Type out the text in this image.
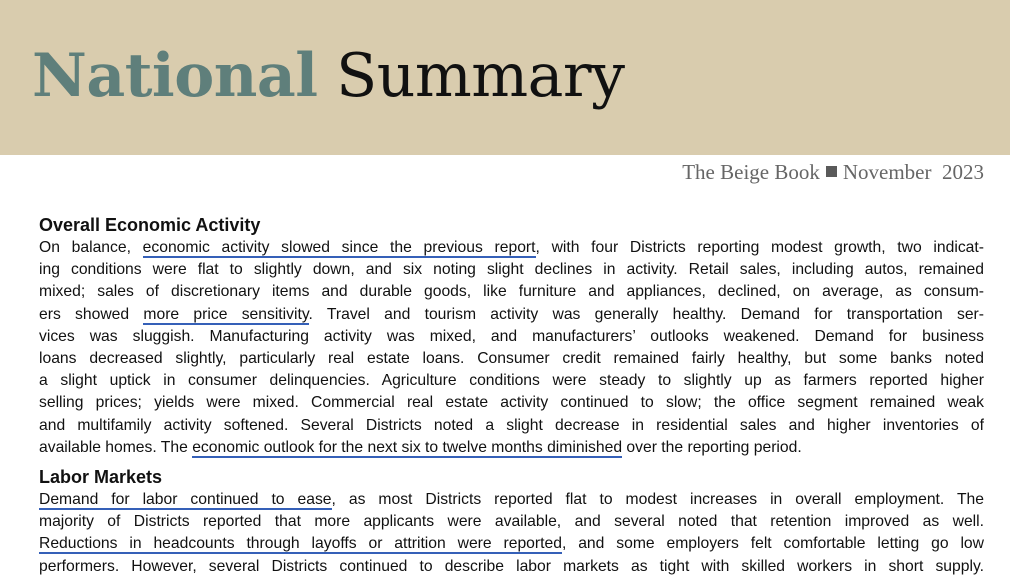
National Summary
The Beige Book November  2023
Overall Economic Activity

On balance, economic activity slowed since the previous report, with four Districts reporting modest growth, two indicat-
ing conditions were flat to slightly down, and six noting slight declines in activity. Retail sales, including autos, remained
mixed; sales of discretionary items and durable goods, like furniture and appliances, declined, on average, as consum-
ers showed more price sensitivity. Travel and tourism activity was generally healthy. Demand for transportation ser-
vices was sluggish. Manufacturing activity was mixed, and manufacturers’ outlooks weakened. Demand for business
loans decreased slightly, particularly real estate loans. Consumer credit remained fairly healthy, but some banks noted
a slight uptick in consumer delinquencies. Agriculture conditions were steady to slightly up as farmers reported higher
selling prices; yields were mixed. Commercial real estate activity continued to slow; the office segment remained weak
and multifamily activity softened. Several Districts noted a slight decrease in residential sales and higher inventories of
available homes. The economic outlook for the next six to twelve months diminished over the reporting period.

Labor Markets

Demand for labor continued to ease, as most Districts reported flat to modest increases in overall employment. The
majority of Districts reported that more applicants were available, and several noted that retention improved as well.
Reductions in headcounts through layoffs or attrition were reported, and some employers felt comfortable letting go low
performers. However, several Districts continued to describe labor markets as tight with skilled workers in short supply.
